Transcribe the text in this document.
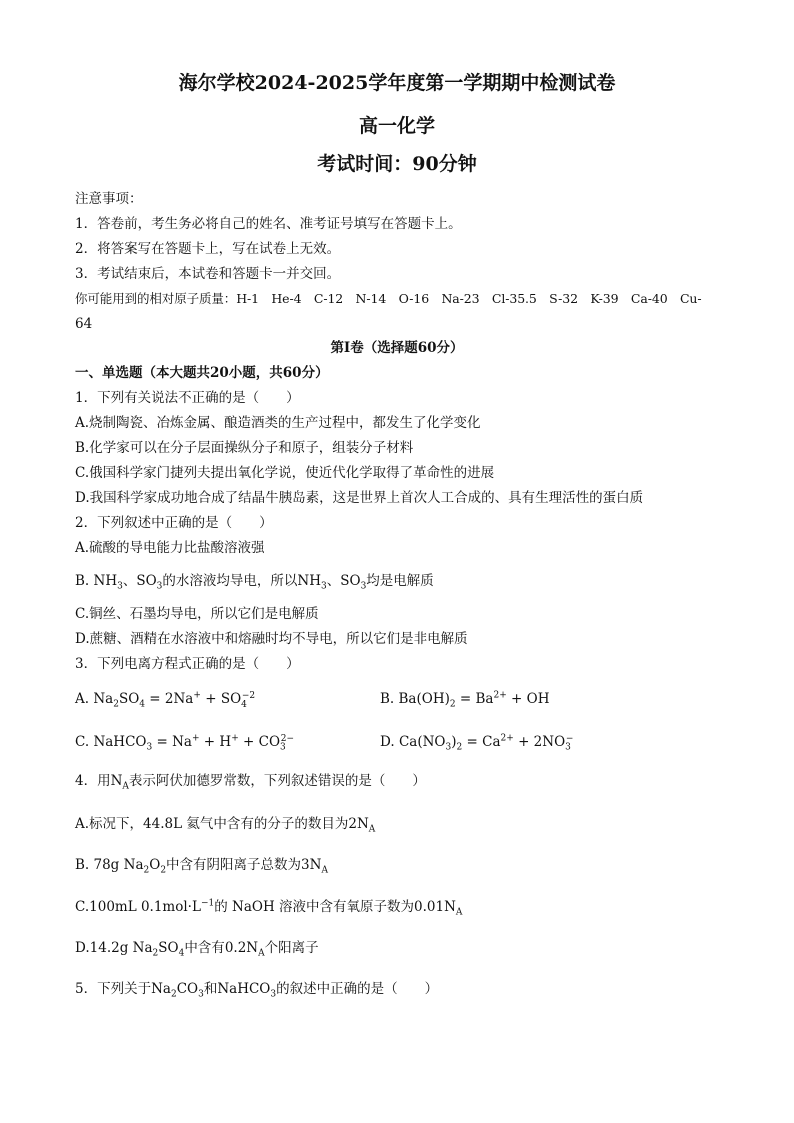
海尔学校2024-2025学年度第一学期期中检测试卷
高一化学
考试时间：90分钟
注意事项：
1．答卷前，考生务必将自己的姓名、准考证号填写在答题卡上。
2．将答案写在答题卡上，写在试卷上无效。
3．考试结束后，本试卷和答题卡一并交回。
你可能用到的相对原子质量：H-1　He-4　C-12　N-14　O-16　Na-23　Cl-35.5　S-32　K-39　Ca-40　Cu-
64
第Ⅰ卷（选择题60分）
一、单选题（本大题共20小题，共60分）
1．下列有关说法不正确的是（　　）
A.烧制陶瓷、冶炼金属、酿造酒类的生产过程中，都发生了化学变化
B.化学家可以在分子层面操纵分子和原子，组装分子材料
C.俄国科学家门捷列夫提出氧化学说，使近代化学取得了革命性的进展
D.我国科学家成功地合成了结晶牛胰岛素，这是世界上首次人工合成的、具有生理活性的蛋白质
2．下列叙述中正确的是（　　）
A.硫酸的导电能力比盐酸溶液强
B. $NH_3$、$SO_3$的水溶液均导电，所以$NH_3$、$SO_3$均是电解质
C.铜丝、石墨均导电，所以它们是电解质
D.蔗糖、酒精在水溶液中和熔融时均不导电，所以它们是非电解质
3．下列电离方程式正确的是（　　）
A. $Na_2SO_4 = 2Na^+ + SO_4^{-2}$	B. $Ba(OH)_2 = Ba^{2+}$ + OH
C. NaHCO$_3$ = $Na^+ + H^+ + CO_3^{2-}$	D. $Ca(NO_3)_2 = Ca^{2+} + 2NO_3^-$
4．用$N_A$表示阿伏加德罗常数，下列叙述错误的是（　　）
A.标况下，44.8L 氦气中含有的分子的数目为$2N_A$
B. 78g $Na_2O_2$中含有阴阳离子总数为$3N_A$
C.100mL $0.1mol\cdot L^{-1}$的 NaOH 溶液中含有氧原子数为$0.01N_A$
D.14.2g $Na_2SO_4$中含有$0.2N_A$个阳离子
5．下列关于$Na_2CO_3$和NaHCO$_3$的叙述中正确的是（　　）
